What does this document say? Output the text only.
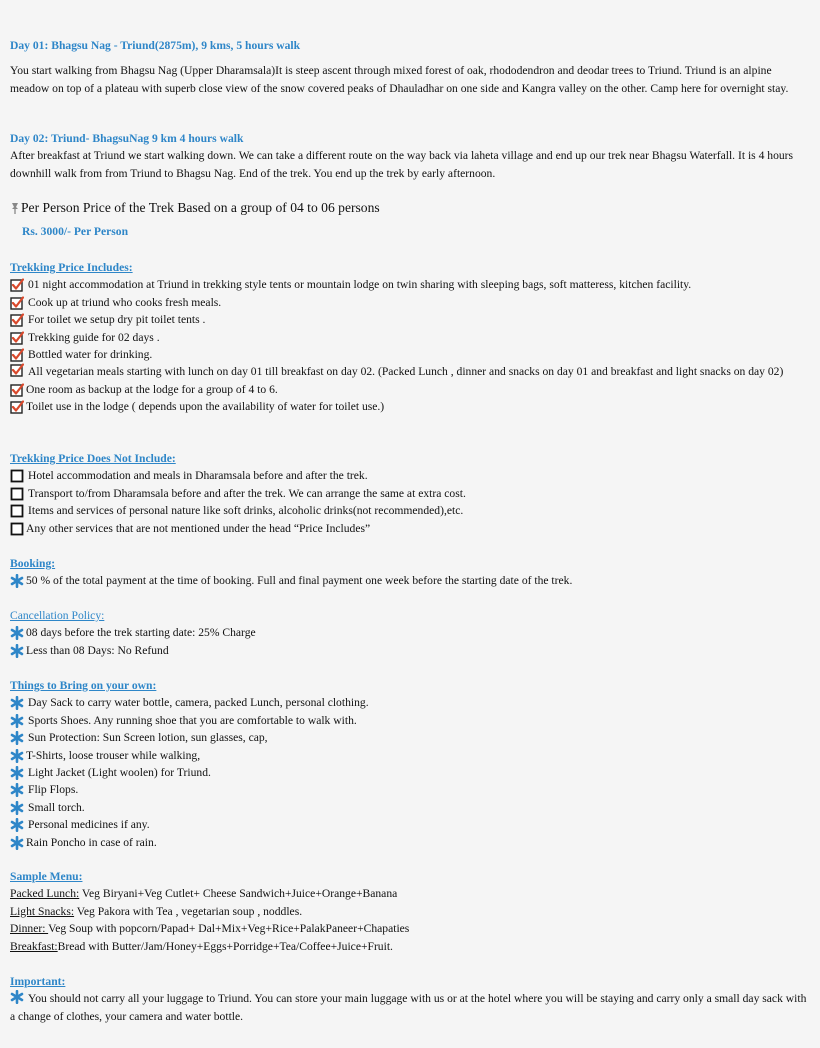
Day 01: Bhagsu Nag - Triund(2875m), 9 kms, 5 hours walk

You start walking from Bhagsu Nag (Upper Dharamsala)It is steep ascent through mixed forest of oak, rhododendron and deodar trees to Triund. Triund is an alpine meadow on top of a plateau with superb close view of the snow covered peaks of Dhauladhar on one side and Kangra valley on the other. Camp here for overnight stay.

Day 02: Triund- BhagsuNag 9 km 4 hours walk

After breakfast at Triund we start walking down. We can take a different route on the way back via laheta village and end up our trek near Bhagsu Waterfall. It is 4 hours downhill walk from from Triund to Bhagsu Nag. End of the trek. You end up the trek by early afternoon.

Per Person Price of the Trek Based on a group of 04 to 06 persons

Rs. 3000/- Per Person

Trekking Price Includes:

01 night accommodation at Triund in trekking style tents or mountain lodge on twin sharing with sleeping bags, soft matteress, kitchen facility.
Cook up at triund who cooks fresh meals.
For toilet we setup dry pit toilet tents .
Trekking guide for 02 days .
Bottled water for drinking.
All vegetarian meals starting with lunch on day 01 till breakfast on day 02. (Packed Lunch , dinner and snacks on day 01 and breakfast and light snacks on day 02)
One room as backup at the lodge for a group of 4 to 6.
Toilet use in the lodge ( depends upon the availability of water for toilet use.)

Trekking Price Does Not Include:

Hotel accommodation and meals in Dharamsala before and after the trek.
Transport to/from Dharamsala before and after the trek. We can arrange the same at extra cost.
Items and services of personal nature like soft drinks, alcoholic drinks(not recommended),etc.
Any other services that are not mentioned under the head “Price Includes”

Booking:

50 % of the total payment at the time of booking. Full and final payment one week before the starting date of the trek.

Cancellation Policy:

08 days before the trek starting date: 25% Charge
Less than 08 Days: No Refund

Things to Bring on your own:

Day Sack to carry water bottle, camera, packed Lunch, personal clothing.
Sports Shoes. Any running shoe that you are comfortable to walk with.
Sun Protection: Sun Screen lotion, sun glasses, cap,
T-Shirts, loose trouser while walking,
Light Jacket (Light woolen) for Triund.
Flip Flops.
Small torch.
Personal medicines if any.
Rain Poncho in case of rain.

Sample Menu:

Packed Lunch: Veg Biryani+Veg Cutlet+ Cheese Sandwich+Juice+Orange+Banana

Light Snacks: Veg Pakora with Tea , vegetarian soup , noddles.

Dinner: Veg Soup with popcorn/Papad+ Dal+Mix+Veg+Rice+PalakPaneer+Chapaties

Breakfast:Bread with Butter/Jam/Honey+Eggs+Porridge+Tea/Coffee+Juice+Fruit.

Important:

You should not carry all your luggage to Triund. You can store your main luggage with us or at the hotel where you will be staying and carry only a small day sack with a change of clothes, your camera and water bottle.
